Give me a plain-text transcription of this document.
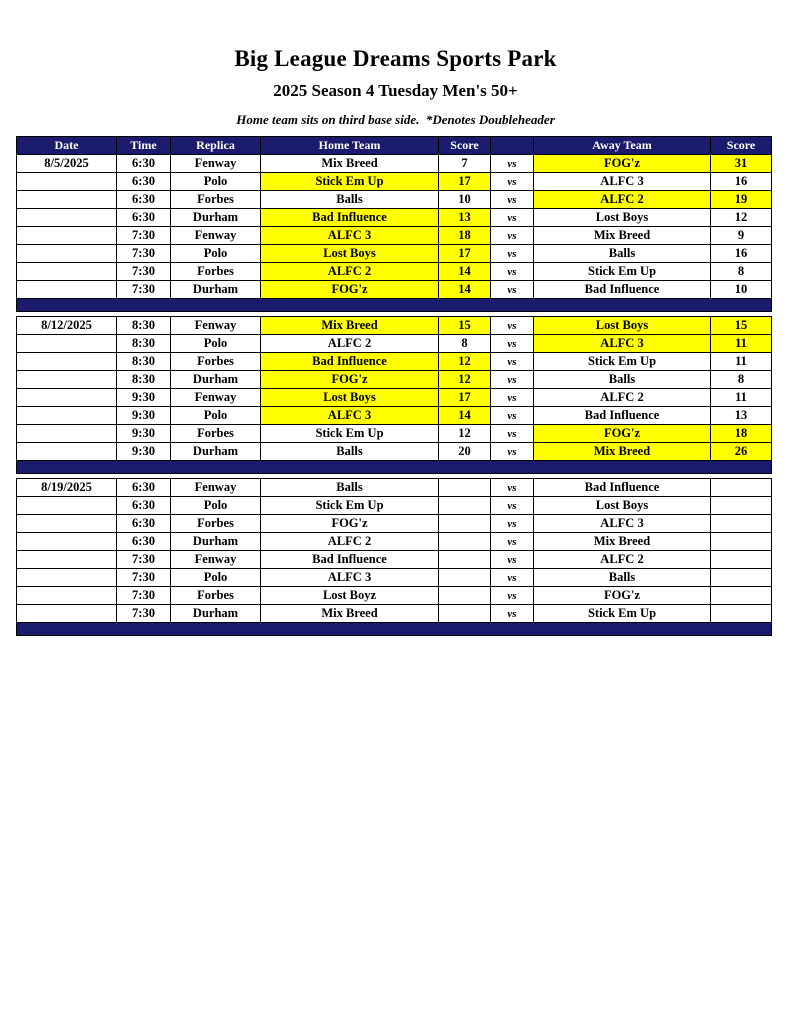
Big League Dreams Sports Park
2025 Season 4 Tuesday Men's 50+
Home team sits on third base side.  *Denotes Doubleheader
Date	Time	Replica	Home Team	Score		Away Team	Score
8/5/2025	6:30	Fenway	Mix Breed	7	vs	FOG'z	31
	6:30	Polo	Stick Em Up	17	vs	ALFC 3	16
	6:30	Forbes	Balls	10	vs	ALFC 2	19
	6:30	Durham	Bad Influence	13	vs	Lost Boys	12
	7:30	Fenway	ALFC 3	18	vs	Mix Breed	9
	7:30	Polo	Lost Boys	17	vs	Balls	16
	7:30	Forbes	ALFC 2	14	vs	Stick Em Up	8
	7:30	Durham	FOG'z	14	vs	Bad Influence	10

8/12/2025	8:30	Fenway	Mix Breed	15	vs	Lost Boys	15
	8:30	Polo	ALFC 2	8	vs	ALFC 3	11
	8:30	Forbes	Bad Influence	12	vs	Stick Em Up	11
	8:30	Durham	FOG'z	12	vs	Balls	8
	9:30	Fenway	Lost Boys	17	vs	ALFC 2	11
	9:30	Polo	ALFC 3	14	vs	Bad Influence	13
	9:30	Forbes	Stick Em Up	12	vs	FOG'z	18
	9:30	Durham	Balls	20	vs	Mix Breed	26

8/19/2025	6:30	Fenway	Balls		vs	Bad Influence	
	6:30	Polo	Stick Em Up		vs	Lost Boys	
	6:30	Forbes	FOG'z		vs	ALFC 3	
	6:30	Durham	ALFC 2		vs	Mix Breed	
	7:30	Fenway	Bad Influence		vs	ALFC 2	
	7:30	Polo	ALFC 3		vs	Balls	
	7:30	Forbes	Lost Boyz		vs	FOG'z	
	7:30	Durham	Mix Breed		vs	Stick Em Up	
